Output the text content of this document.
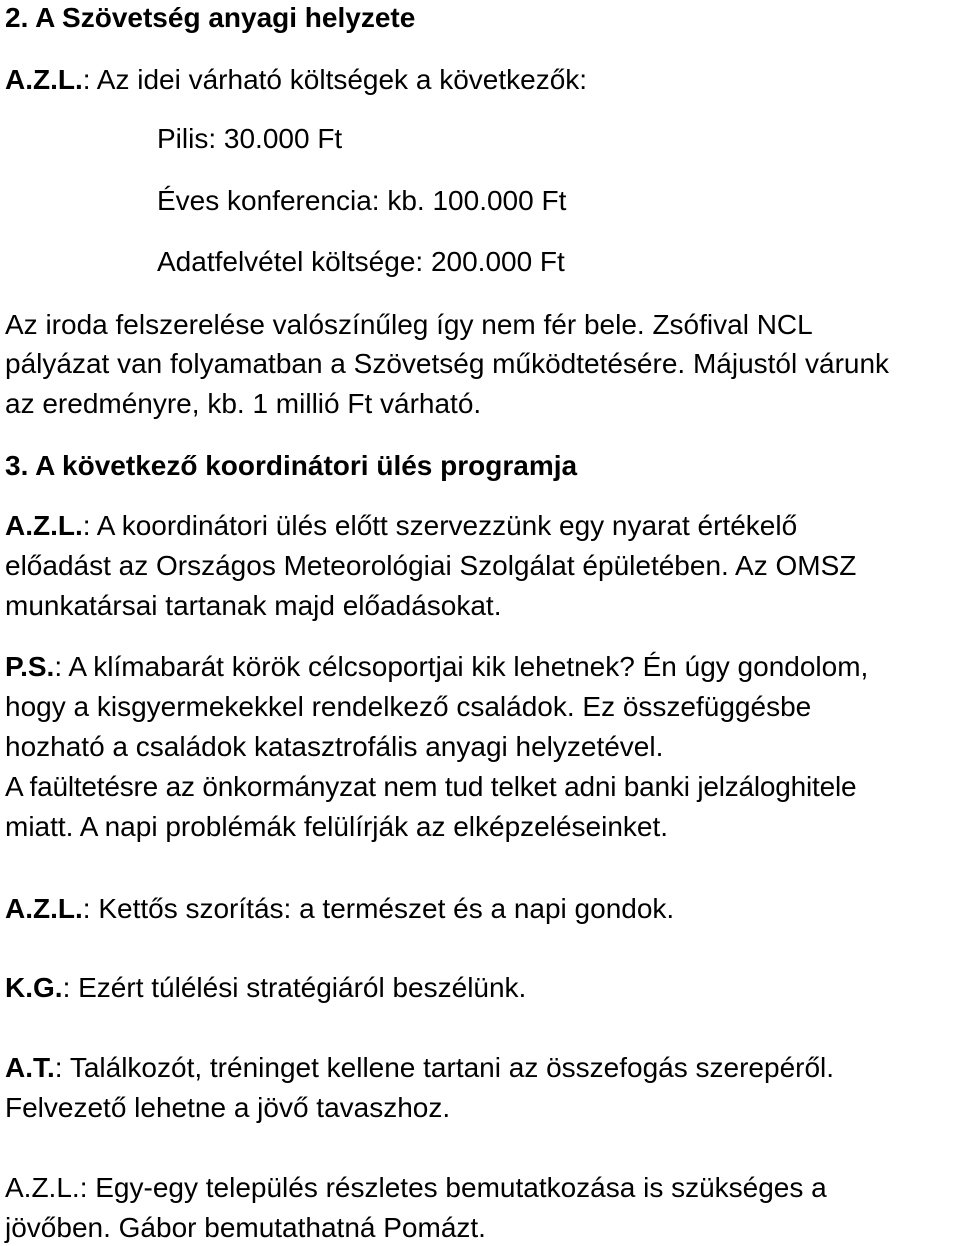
2. A Szövetség anyagi helyzete
A.Z.L.: Az idei várható költségek a következők:
Pilis: 30.000 Ft
Éves konferencia: kb. 100.000 Ft
Adatfelvétel költsége: 200.000 Ft
Az iroda felszerelése valószínűleg így nem fér bele. Zsófival NCL
pályázat van folyamatban a Szövetség működtetésére. Májustól várunk
az eredményre, kb. 1 millió Ft várható.
3. A következő koordinátori ülés programja
A.Z.L.: A koordinátori ülés előtt szervezzünk egy nyarat értékelő
előadást az Országos Meteorológiai Szolgálat épületében. Az OMSZ
munkatársai tartanak majd előadásokat.
P.S.: A klímabarát körök célcsoportjai kik lehetnek? Én úgy gondolom,
hogy a kisgyermekekkel rendelkező családok. Ez összefüggésbe
hozható a családok katasztrofális anyagi helyzetével.
A faültetésre az önkormányzat nem tud telket adni banki jelzáloghitele
miatt. A napi problémák felülírják az elképzeléseinket.
A.Z.L.: Kettős szorítás: a természet és a napi gondok.
K.G.: Ezért túlélési stratégiáról beszélünk.
A.T.: Találkozót, tréninget kellene tartani az összefogás szerepéről.
Felvezető lehetne a jövő tavaszhoz.
A.Z.L.: Egy-egy település részletes bemutatkozása is szükséges a
jövőben. Gábor bemutathatná Pomázt.
